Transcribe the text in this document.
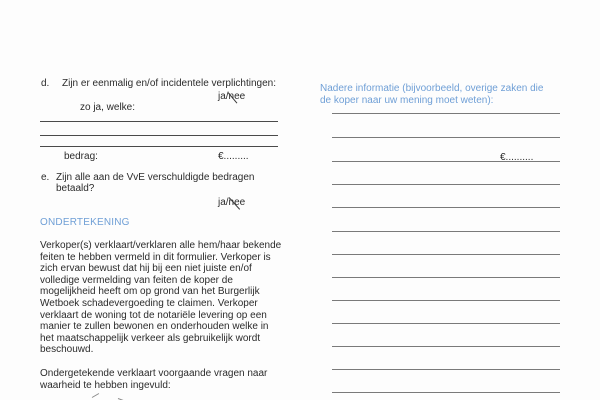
d. Zijn er eenmalig en/of incidentele verplichtingen:
ja/nee
zo ja, welke:
bedrag:	€.........
e. Zijn alle aan de VvE verschuldigde bedragen
betaald?
ja/nee
ONDERTEKENING
Verkoper(s) verklaart/verklaren alle hem/haar bekende
feiten te hebben vermeld in dit formulier. Verkoper is
zich ervan bewust dat hij bij een niet juiste en/of
volledige vermelding van feiten de koper de
mogelijkheid heeft om op grond van het Burgerlijk
Wetboek schadevergoeding te claimen. Verkoper
verklaart de woning tot de notariële levering op een
manier te zullen bewonen en onderhouden welke in
het maatschappelijk verkeer als gebruikelijk wordt
beschouwd.
Ondergetekende verklaart voorgaande vragen naar
waarheid te hebben ingevuld:
Nadere informatie (bijvoorbeeld, overige zaken die
de koper naar uw mening moet weten):
€..........
